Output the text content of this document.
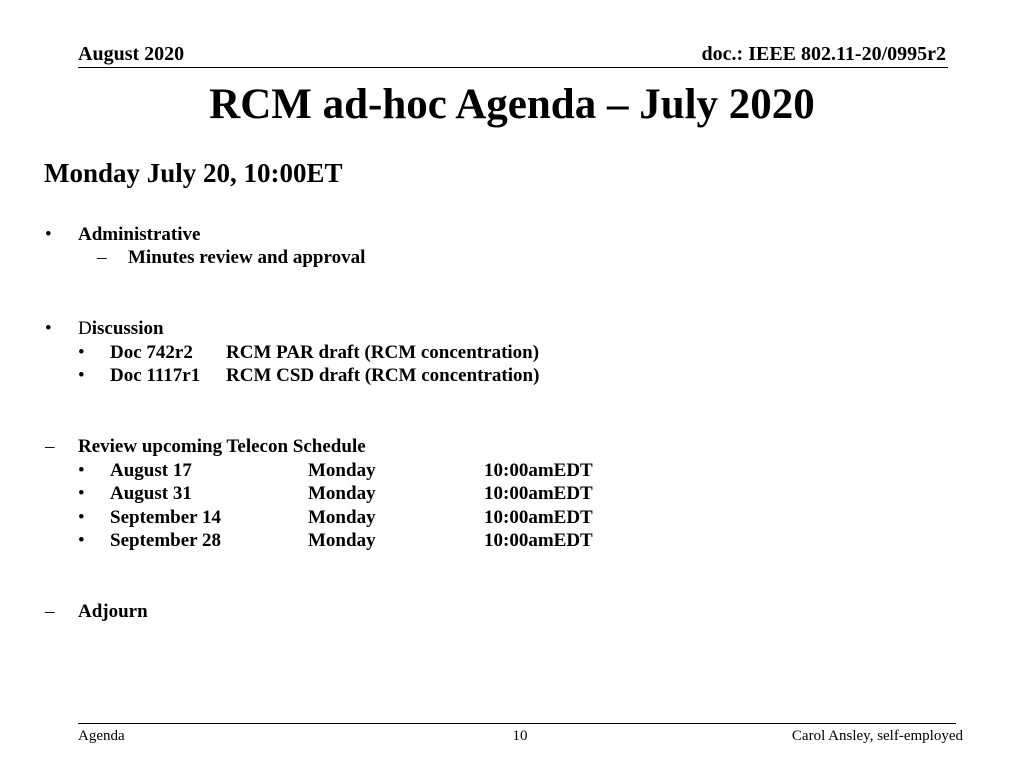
August 2020	doc.: IEEE 802.11-20/0995r2
RCM ad-hoc Agenda – July 2020
Monday July 20, 10:00ET
• Administrative
– Minutes review and approval
• Discussion
• Doc 742r2 RCM PAR draft (RCM concentration)
• Doc 1117r1 RCM CSD draft (RCM concentration)
– Review upcoming Telecon Schedule
• August 17	Monday	10:00amEDT
• August 31	Monday	10:00amEDT
• September 14	Monday	10:00amEDT
• September 28	Monday	10:00amEDT
– Adjourn
Agenda	10	Carol Ansley, self-employed
